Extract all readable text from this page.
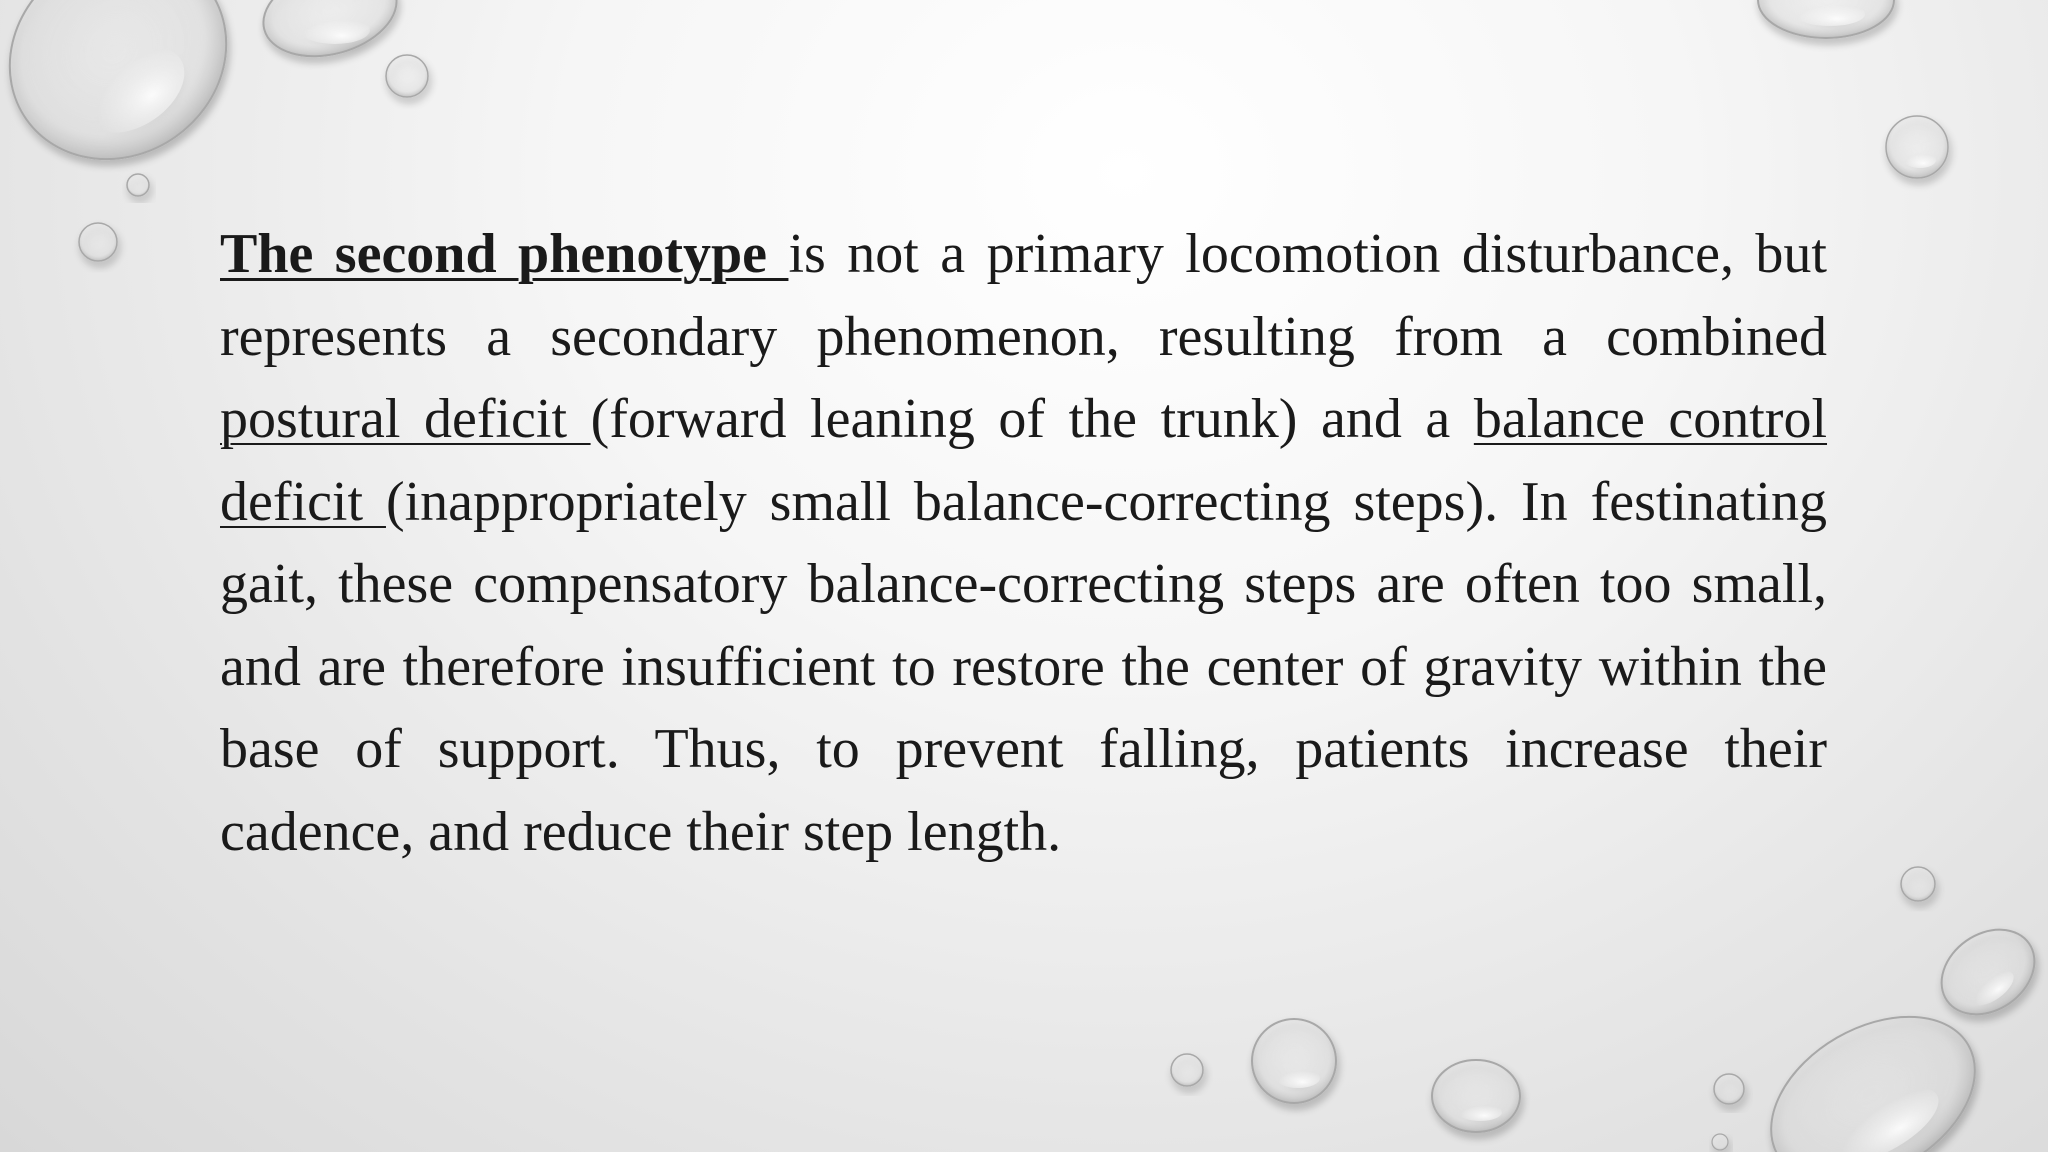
The second phenotype is not a primary locomotion disturbance, but represents a secondary phenomenon, resulting from a combined postural deficit (forward leaning of the trunk) and a balance control deficit (inappropriately small balance-correcting steps). In festinating gait, these compensatory balance-correcting steps are often too small, and are therefore insufficient to restore the center of gravity within the base of support. Thus, to prevent falling, patients increase their cadence, and reduce their step length.
